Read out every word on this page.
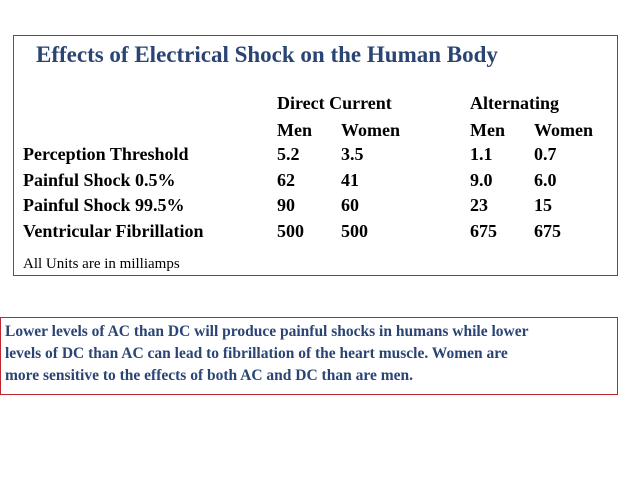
Effects of Electrical Shock on the Human Body
Direct Current	Alternating
Men Women	Men Women
Perception Threshold	5.2 3.5	1.1 0.7
Painful Shock 0.5%	62	41	9.0 6.0
Painful Shock 99.5%	90	60	23	15
Ventricular Fibrillation	500 500	675 675
All Units are in milliamps
Lower levels of AC than DC will produce painful shocks in humans while lower
levels of DC than AC can lead to fibrillation of the heart muscle. Women are
more sensitive to the effects of both AC and DC than are men.
